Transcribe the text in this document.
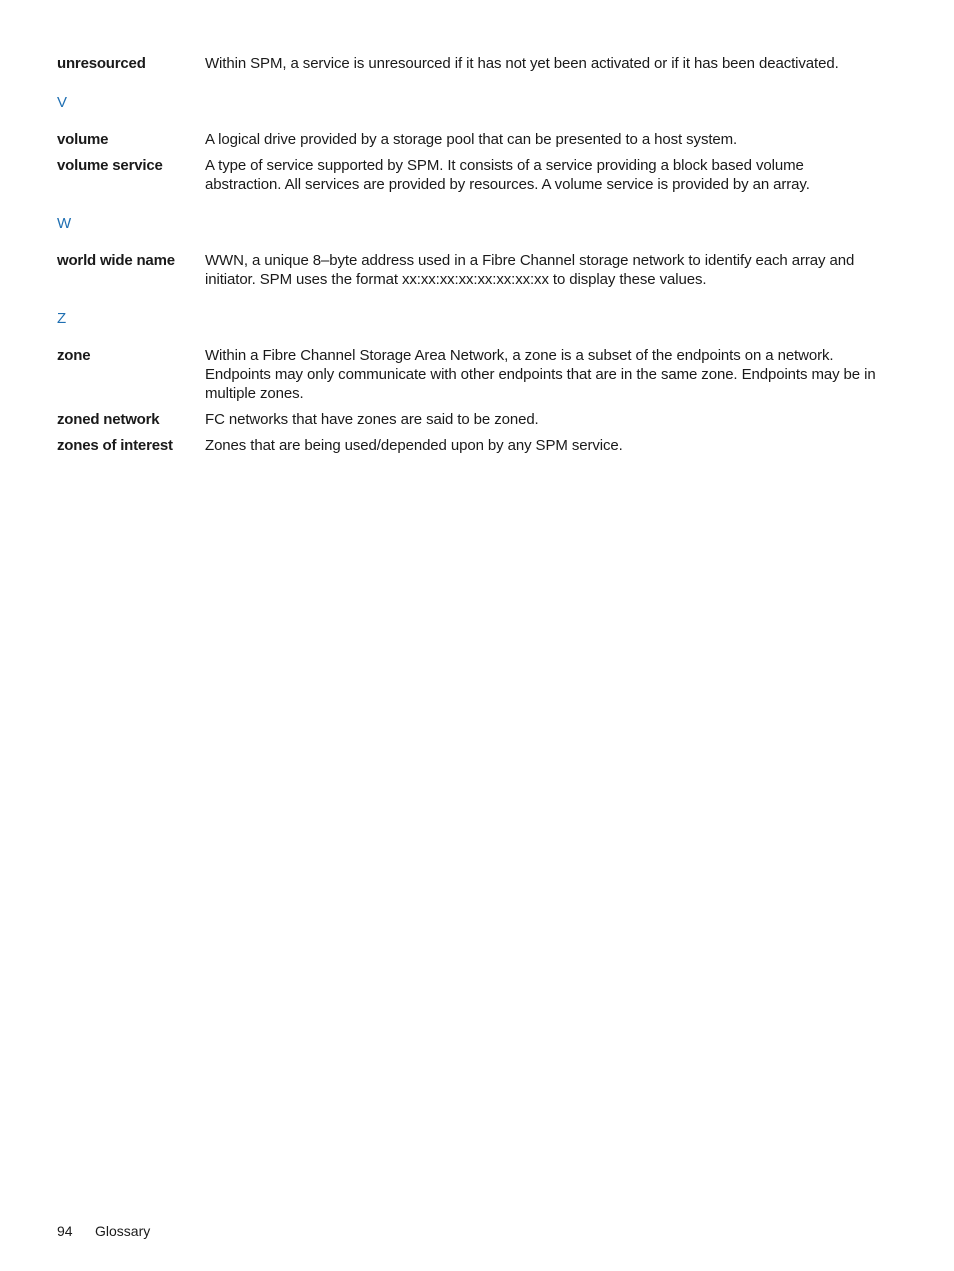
unresourced	Within SPM, a service is unresourced if it has not yet been activated or if it has been deactivated.
V
volume	A logical drive provided by a storage pool that can be presented to a host system.
volume service	A type of service supported by SPM. It consists of a service providing a block based volume abstraction. All services are provided by resources. A volume service is provided by an array.
W
world wide name	WWN, a unique 8–byte address used in a Fibre Channel storage network to identify each array and initiator. SPM uses the format xx:xx:xx:xx:xx:xx:xx:xx to display these values.
Z
zone	Within a Fibre Channel Storage Area Network, a zone is a subset of the endpoints on a network. Endpoints may only communicate with other endpoints that are in the same zone. Endpoints may be in multiple zones.
zoned network	FC networks that have zones are said to be zoned.
zones of interest	Zones that are being used/depended upon by any SPM service.
94 Glossary
